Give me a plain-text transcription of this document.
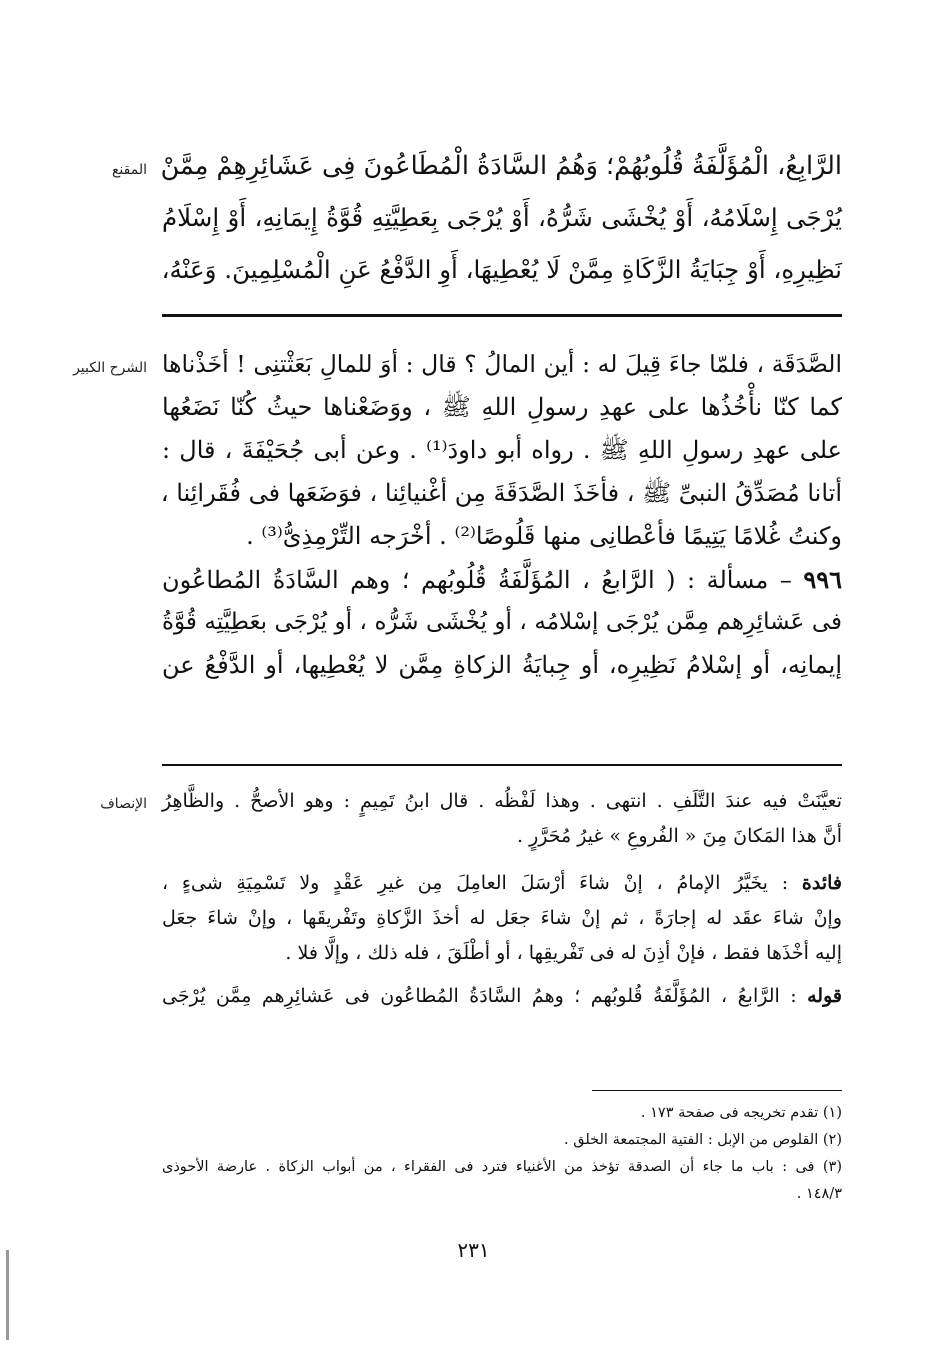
المقنع الرَّابِعُ، الْمُؤَلَّفَةُ قُلُوبُهُمْ؛ وَهُمُ السَّادَةُ الْمُطَاعُونَ فِى عَشَائِرِهِمْ مِمَّنْ
يُرْجَى إِسْلَامُهُ، أَوْ يُخْشَى شَرُّهُ، أَوْ يُرْجَى بِعَطِيَّتِهِ قُوَّةُ إِيمَانِهِ، أَوْ إِسْلَامُ
نَظِيرِهِ، أَوْ جِبَايَةُ الزَّكَاةِ مِمَّنْ لَا يُعْطِيهَا، أَوِ الدَّفْعُ عَنِ الْمُسْلِمِينَ. وَعَنْهُ،
الشرح الكبير الصَّدَقَة ، فلمّا جاءَ قِيلَ له : أين المالُ ؟ قال : أوَ للمالِ بَعَثْتنِى ! أخَذْناها
كما كنّا نأْخُذُها على عهدِ رسولِ اللهِ ﷺ ، ووَضَعْناها حيثُ كُنّا نَضَعُها
على عهدِ رسولِ اللهِ ﷺ . رواه أبو داودَ⁽¹⁾ . وعن أبى جُحَيْفَةَ ، قال :
أتانا مُصَدِّقُ النبىِّ ﷺ ، فأخَذَ الصَّدَقَةَ مِن أغْنيائِنا ، فوَضَعَها فى فُقَرائِنا ،
وكنتُ غُلامًا يَتِيمًا فأعْطانِى منها قَلُوصًا⁽²⁾ . أخْرَجه التِّرْمِذِىُّ⁽³⁾ .
٩٩٦ – مسألة : ( الرَّابعُ ، المُؤَلَّفَةُ قُلُوبُهم ؛ وهم السَّادَةُ المُطاعُون
فى عَشائِرِهم مِمَّن يُرْجَى إسْلامُه ، أو يُخْشَى شَرُّه ، أو يُرْجَى بعَطِيَّتِه قُوَّةُ
إيمانِه، أو إسْلامُ نَظِيرِه، أو جِبايَةُ الزكاةِ مِمَّن لا يُعْطِيها، أو الدَّفْعُ عن
الإنصاف تعيَّنَتْ فيه عندَ التَّلَفِ . انتهى . وهذا لَفْظُه . قال ابنُ تَمِيمٍ : وهو الأصحُّ . والظَّاهِرُ
أنَّ هذا المَكانَ مِنَ « الفُروعِ » غيرُ مُحَرَّرٍ .
فائدة : يخَيَّرُ الإمامُ ، إنْ شاءَ أرْسَلَ العامِلَ مِن غيرِ عَقْدٍ ولا تَسْمِيَةِ شىءٍ ،
وإنْ شاءَ عقَد له إجارَةً ، ثم إنْ شاءَ جعَل له أخذَ الزَّكاةِ وتَفْريقَها ، وإنْ شاءَ جعَل
إليه أخْذَها فقط ، فإنْ أذِنَ له فى تَفْريقِها ، أو أطْلَقَ ، فله ذلك ، وإلَّا فلا .
قوله : الرَّابعُ ، المُؤَلَّفَةُ قُلوبُهم ؛ وهمُ السَّادَةُ المُطاعُون فى عَشائِرِهم مِمَّن يُرْجَى
(١) تقدم تخريجه فى صفحة ١٧٣ .
(٢) القلوص من الإبل : الفتية المجتمعة الخلق .
(٣) فى : باب ما جاء أن الصدقة تؤخذ من الأغنياء فترد فى الفقراء ، من أبواب الزكاة . عارضة الأحوذى
١٤٨/٣ .
٢٣١
